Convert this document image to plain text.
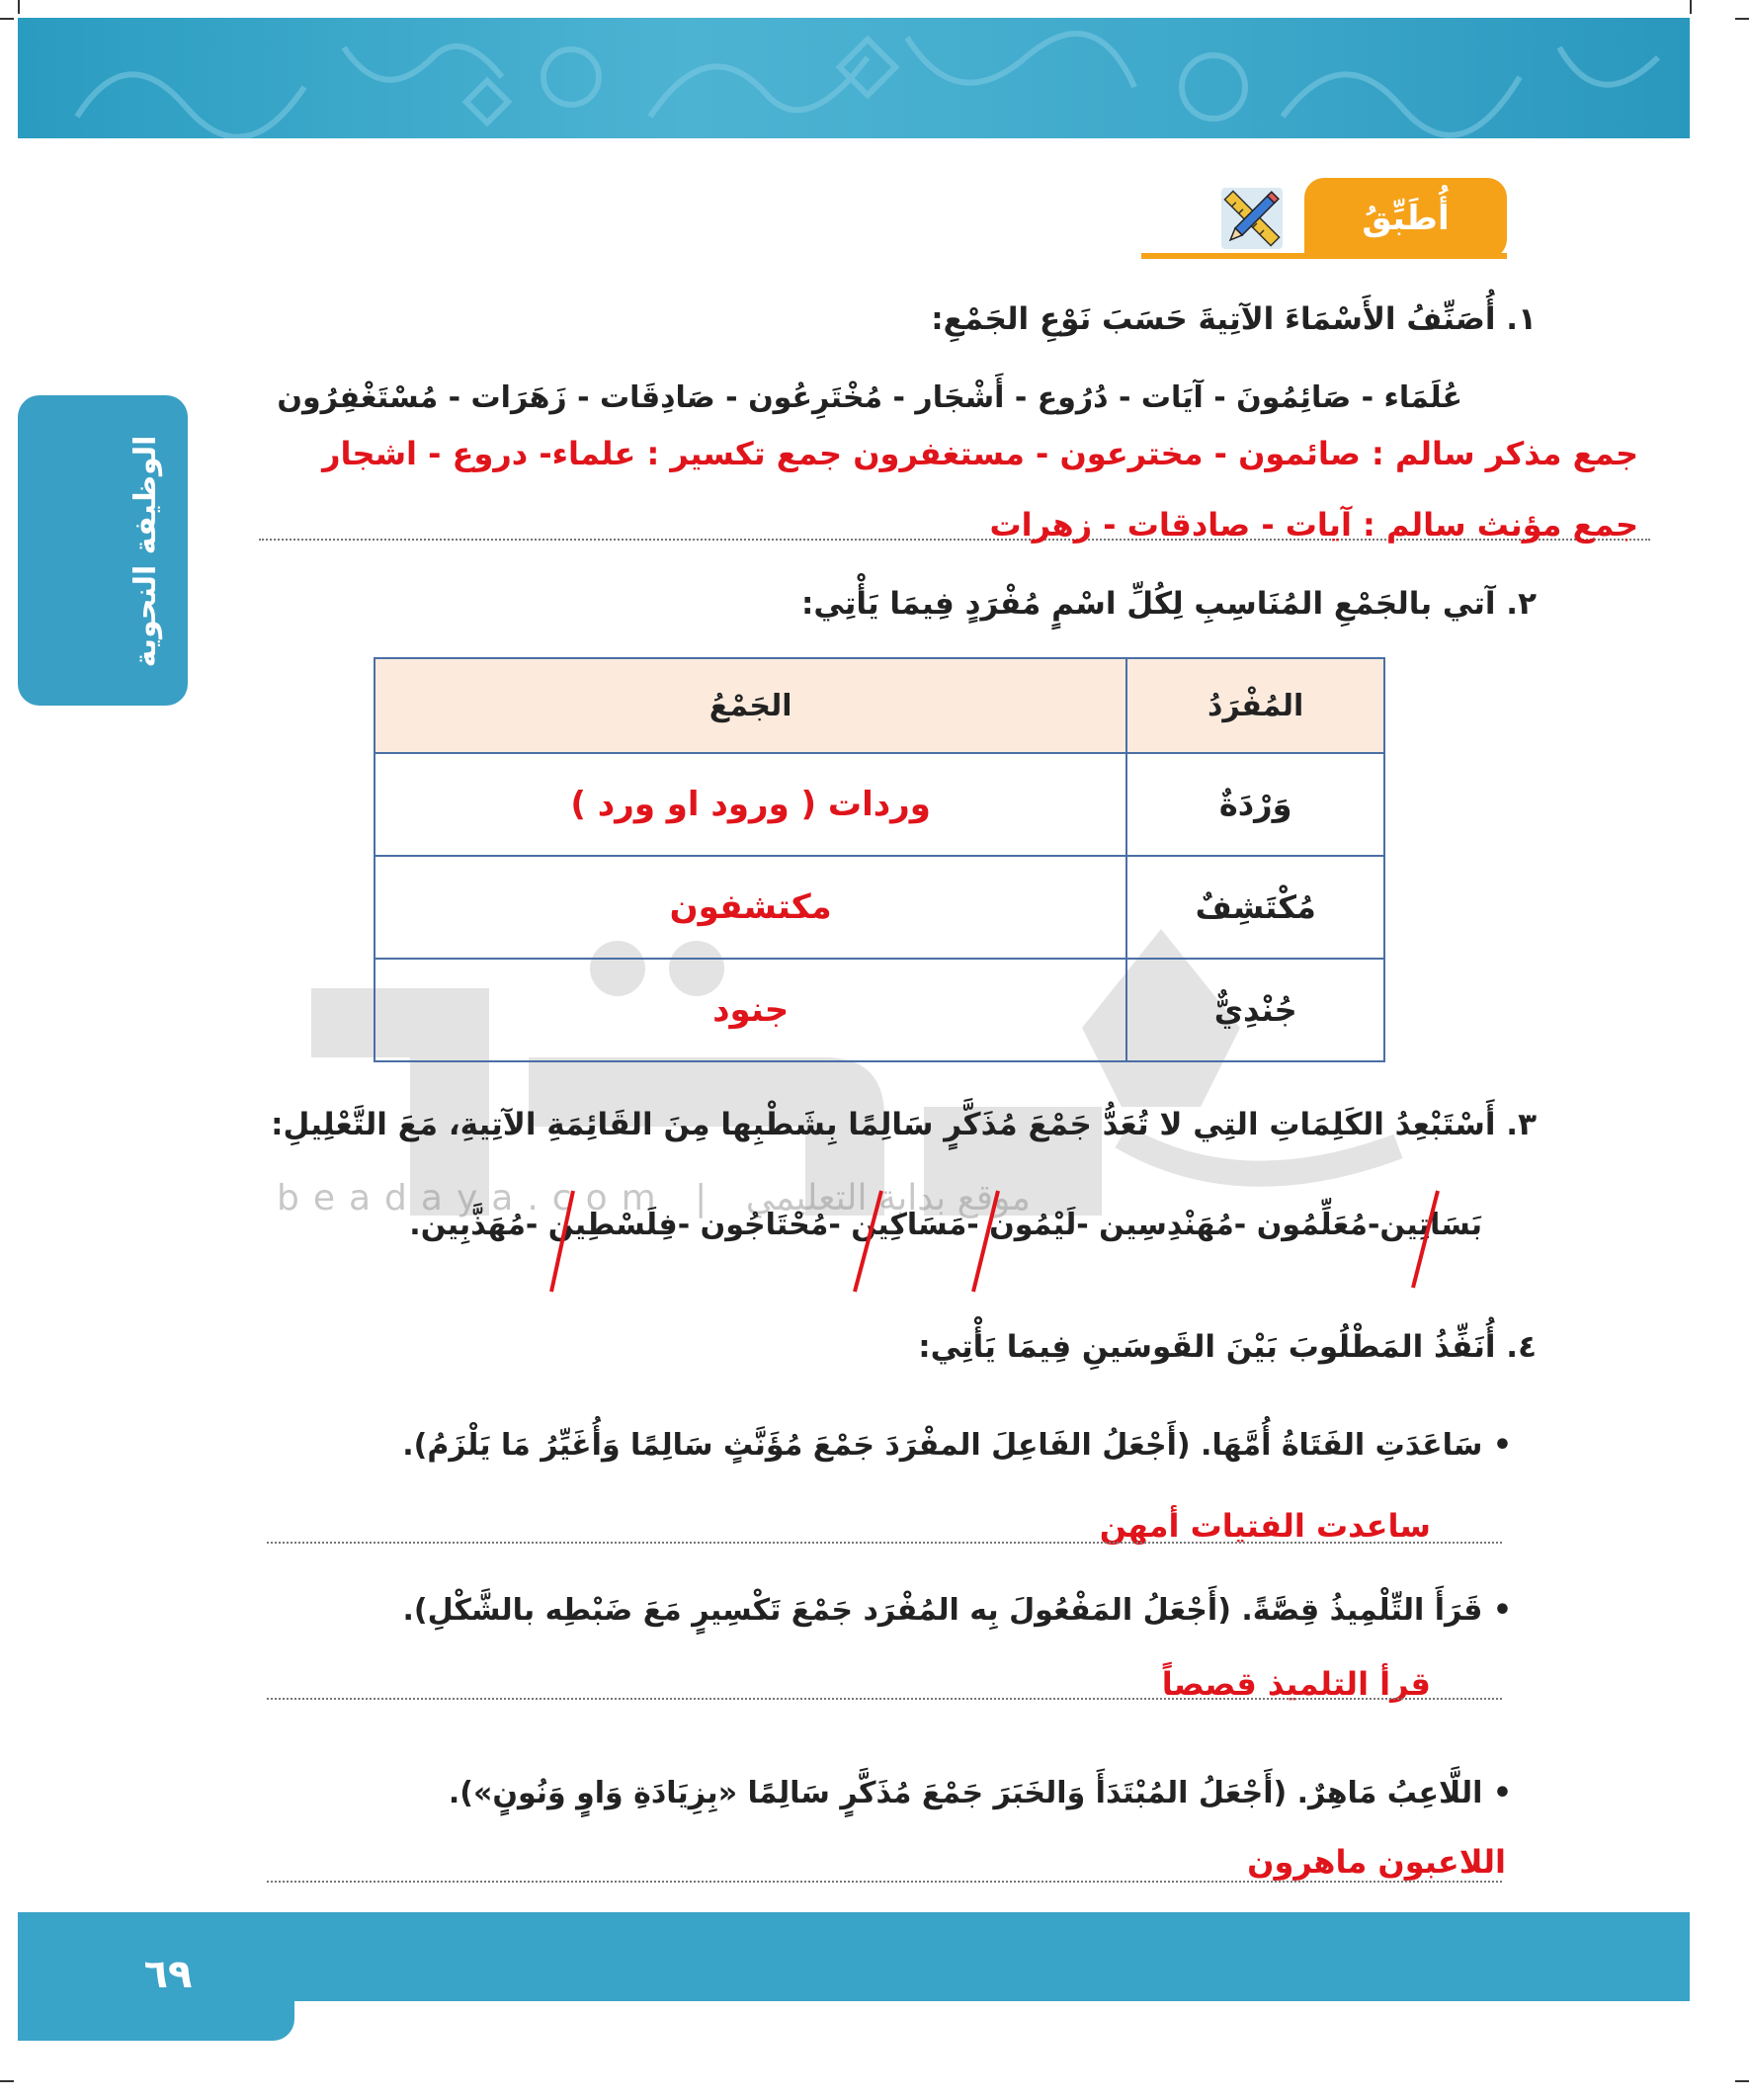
الوظيفة النحوية
أُطَبِّقُ
١. أُصَنِّفُ الأَسْمَاءَ الآتِيةَ حَسَبَ نَوْعِ الجَمْعِ:
عُلَمَاء - صَائِمُونَ - آيَات - دُرُوع - أَشْجَار - مُخْتَرِعُون - صَادِقَات - زَهَرَات - مُسْتَغْفِرُون
جمع مذكر سالم : صائمون - مخترعون - مستغفرون جمع تكسير : علماء- دروع - اشجار
جمع مؤنث سالم : آيات - صادقات - زهرات
٢. آتي بالجَمْعِ المُنَاسِبِ لِكُلِّ اسْمٍ مُفْرَدٍ فِيمَا يَأْتِي:
المُفْرَدُ	الجَمْعُ
وَرْدَةٌ	وردات ( ورود او ورد )
مُكْتَشِفٌ	مكتشفون
جُنْدِيٌّ	جنود
٣. أَسْتَبْعِدُ الكَلِمَاتِ التِي لا تُعَدُّ جَمْعَ مُذَكَّرٍ سَالِمًا بِشَطْبِها مِنَ القَائِمَةِ الآتِيةِ، مَعَ التَّعْلِيلِ:
beadaya.com | موقع بداية التعليمي
بَسَاتِين-مُعَلِّمُون -مُهَنْدِسِين -لَيْمُون -مَسَاكِين -مُحْتَاجُون -فِلَسْطِين -مُهَذَّبِين.
٤. أُنَفِّذُ المَطْلُوبَ بَيْنَ القَوسَينِ فِيمَا يَأْتِي:
• سَاعَدَتِ الفَتَاةُ أُمَّهَا. (أَجْعَلُ الفَاعِلَ المفْرَدَ جَمْعَ مُؤَنَّثٍ سَالِمًا وَأُغَيِّرُ مَا يَلْزَمُ).
ساعدت الفتيات أمهن
• قَرَأَ التِّلْمِيذُ قِصَّةً. (أَجْعَلُ المَفْعُولَ بِه المُفْرَد جَمْعَ تَكْسِيرٍ مَعَ ضَبْطِه بالشَّكْلِ).
قرأ التلميذ قصصاً
• اللَّاعِبُ مَاهِرٌ. (أَجْعَلُ المُبْتَدَأَ وَالخَبَرَ جَمْعَ مُذَكَّرٍ سَالِمًا «بِزِيَادَةِ وَاوٍ وَنُونٍ»).
اللاعبون ماهرون
٦٩
